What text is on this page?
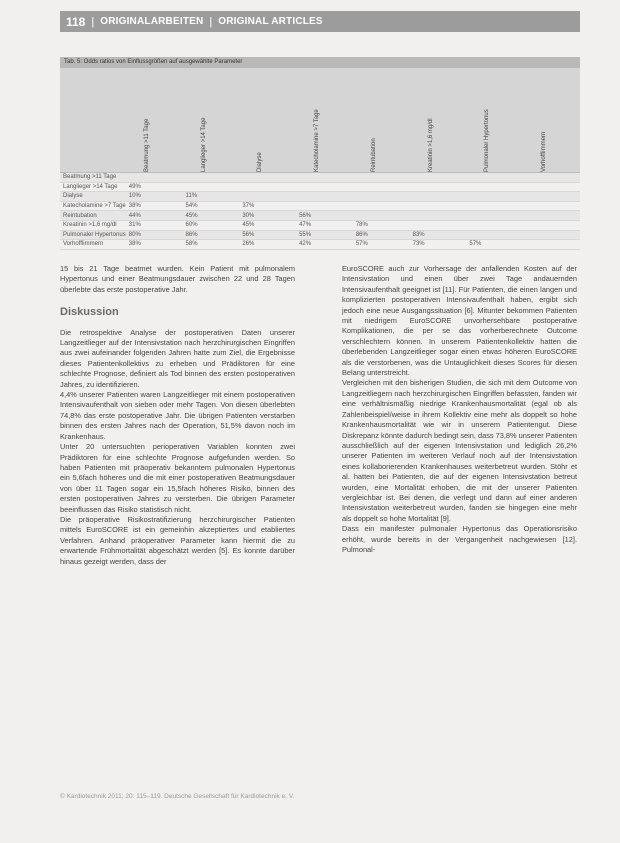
118 | ORIGINALARBEITEN | ORIGINAL ARTICLES
Tab. 5: Odds ratios von Einflussgrößen auf ausgewählte Parameter

	Beatmung >11 Tage	Langlieger >14 Tage	Dialyse	Katecholamine >7 Tage	Reintubation	Kreatinin >1,6 mg/dl	Pulmonaler Hypertonus	Vorhofflimmern

Beatmung >11 Tage								
Langlieger >14 Tage	49%							
Dialyse	10%	11%						
Katecholamine >7 Tage	38%	54%	37%					
Reintubation	44%	45%	30%	56%				
Kreatinin >1,6 mg/dl	31%	60%	45%	47%	78%			
Pulmonaler Hypertonus	80%	86%	56%	55%	86%	83%		
Vorhofflimmern	38%	58%	26%	42%	57%	73%	57%	

15 bis 21 Tage beatmet wurden. Kein Patient mit pulmonalem Hypertonus und einer Beatmungsdauer zwischen 22 und 28 Tagen überlebte das erste postoperative Jahr.

Diskussion

Die retrospektive Analyse der postoperativen Daten unserer Langzeitlieger auf der Intensivstation nach herzchirurgischen Eingriffen aus zwei aufeinander folgenden Jahren hatte zum Ziel, die Ergebnisse dieses Patientenkollektivs zu erheben und Prädiktoren für eine schlechte Prognose, definiert als Tod binnen des ersten postoperativen Jahres, zu identifizieren.

4,4% unserer Patienten waren Langzeitlieger mit einem postoperativen Intensivaufenthalt von sieben oder mehr Tagen. Von diesen überlebten 74,8% das erste postoperative Jahr. Die übrigen Patienten verstarben binnen des ersten Jahres nach der Operation, 51,5% davon noch im Krankenhaus.

Unter 20 untersuchten perioperativen Variablen konnten zwei Prädiktoren für eine schlechte Prognose aufgefunden werden. So haben Patienten mit präoperativ bekanntem pulmonalen Hypertonus ein 5,6fach höheres und die mit einer postoperativen Beatmungsdauer von über 11 Tagen sogar ein 15,5fach höheres Risiko, binnen des ersten postoperativen Jahres zu versterben. Die übrigen Parameter beeinflussen das Risiko statistisch nicht.

Die präoperative Risikostratifizierung herzchirurgischer Patienten mittels EuroSCORE ist ein gemeinhin akzeptiertes und etabliertes Verfahren. Anhand präoperativer Parameter kann hiermit die zu erwartende Frühmortalität abgeschätzt werden [5]. Es konnte darüber hinaus gezeigt werden, dass der

EuroSCORE auch zur Vorhersage der anfallenden Kosten auf der Intensivstation und einen über zwei Tage andauernden Intensivaufenthalt geeignet ist [11]. Für Patienten, die einen langen und komplizierten postoperativen Intensivaufenthalt haben, ergibt sich jedoch eine neue Ausgangssituation [6]. Mitunter bekommen Patienten mit niedrigem EuroSCORE unvorhersehbare postoperative Komplikationen, die per se das vorherberechnete Outcome verschlechtern können. In unserem Patientenkollektiv hatten die überlebenden Langzeitlieger sogar einen etwas höheren EuroSCORE als die verstorbenen, was die Untauglichkeit dieses Scores für diesen Belang unterstreicht.

Vergleichen mit den bisherigen Studien, die sich mit dem Outcome von Langzeitliegern nach herzchirurgischen Eingriffen befassten, fanden wir eine verhältnismäßig niedrige Krankenhausmortalität (egal ob als Zahlenbeispiel/weise in ihrem Kollektiv eine mehr als doppelt so hohe Krankenhausmortalität wie wir in unserem Patientengut. Diese Diskrepanz könnte dadurch bedingt sein, dass 73,8% unserer Patienten ausschließlich auf der eigenen Intensivstation und lediglich 26,2% unserer Patienten im weiteren Verlauf noch auf der Intensivstation eines kollaborierenden Krankenhauses weiterbetreut wurden. Stöhr et al. hatten bei Patienten, die auf der eigenen Intensivstation betreut wurden, eine Mortalität erhoben, die mit der unserer Patienten vergleichbar ist. Bei denen, die verlegt und dann auf einer anderen Intensivstation weiterbetreut wurden, fanden sie hingegen eine mehr als doppelt so hohe Mortalität [9].

Dass ein manifester pulmonaler Hypertonus das Operationsrisiko erhöht, wurde bereits in der Vergangenheit nachgewiesen [12]. Pulmonal-

© Kardiotechnik 2011; 20: 115–119. Deutsche Gesellschaft für Kardiotechnik e. V.
